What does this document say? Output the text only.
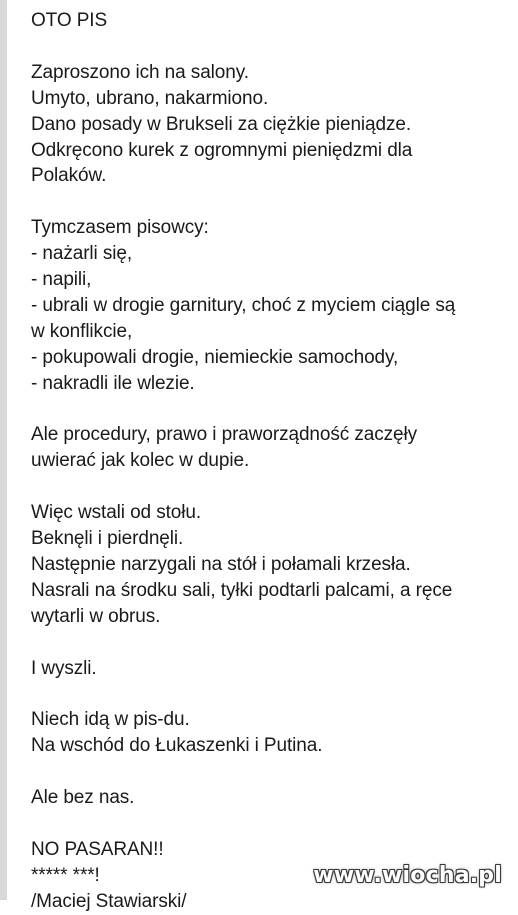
OTO PIS

Zaproszono ich na salony.

Umyto, ubrano, nakarmiono.

Dano posady w Brukseli za ciężkie pieniądze.

Odkręcono kurek z ogromnymi pieniędzmi dla

Polaków.

Tymczasem pisowcy:

- nażarli się,

- napili,

- ubrali w drogie garnitury, choć z myciem ciągle są

w konflikcie,

- pokupowali drogie, niemieckie samochody,

- nakradli ile wlezie.

Ale procedury, prawo i praworządność zaczęły

uwierać jak kolec w dupie.

Więc wstali od stołu.

Beknęli i pierdnęli.

Następnie narzygali na stół i połamali krzesła.

Nasrali na środku sali, tyłki podtarli palcami, a ręce

wytarli w obrus.

I wyszli.

Niech idą w pis-du.

Na wschód do Łukaszenki i Putina.

Ale bez nas.

NO PASARAN!!

***** ***!

/Maciej Stawiarski/

www.wiocha.pl
